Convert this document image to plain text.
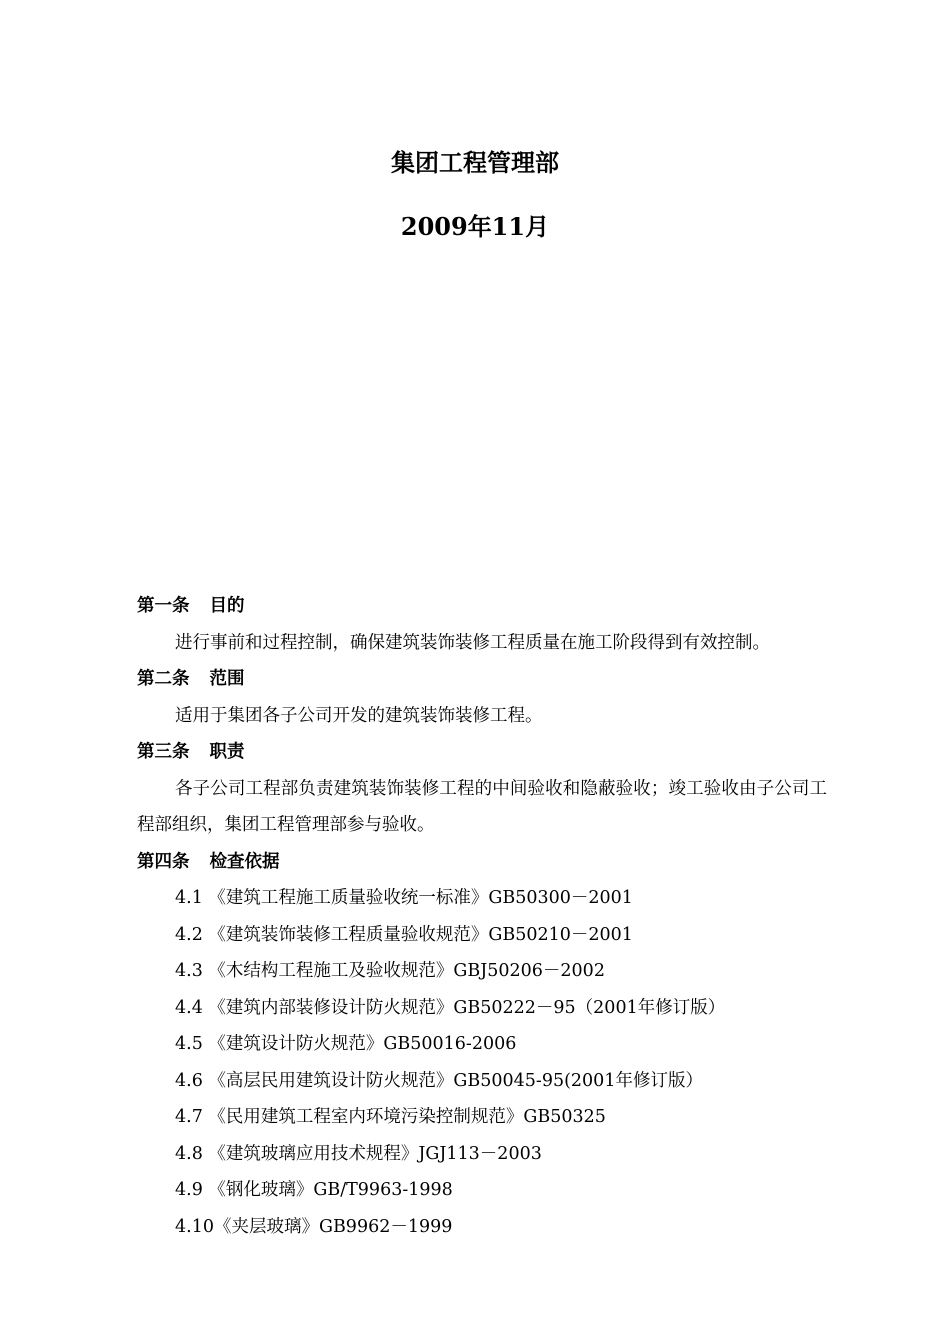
集团工程管理部
2009年11月
第一条 目的
进行事前和过程控制，确保建筑装饰装修工程质量在施工阶段得到有效控制。
第二条 范围
适用于集团各子公司开发的建筑装饰装修工程。
第三条 职责
各子公司工程部负责建筑装饰装修工程的中间验收和隐蔽验收；竣工验收由子公司工程部组织，集团工程管理部参与验收。
第四条 检查依据
4.1 《建筑工程施工质量验收统一标准》GB50300－2001
4.2 《建筑装饰装修工程质量验收规范》GB50210－2001
4.3 《木结构工程施工及验收规范》GBJ50206－2002
4.4 《建筑内部装修设计防火规范》GB50222－95（2001年修订版）
4.5 《建筑设计防火规范》GB50016-2006
4.6 《高层民用建筑设计防火规范》GB50045-95(2001年修订版）
4.7 《民用建筑工程室内环境污染控制规范》GB50325
4.8 《建筑玻璃应用技术规程》JGJ113－2003
4.9 《钢化玻璃》GB/T9963-1998
4.10《夹层玻璃》GB9962－1999
